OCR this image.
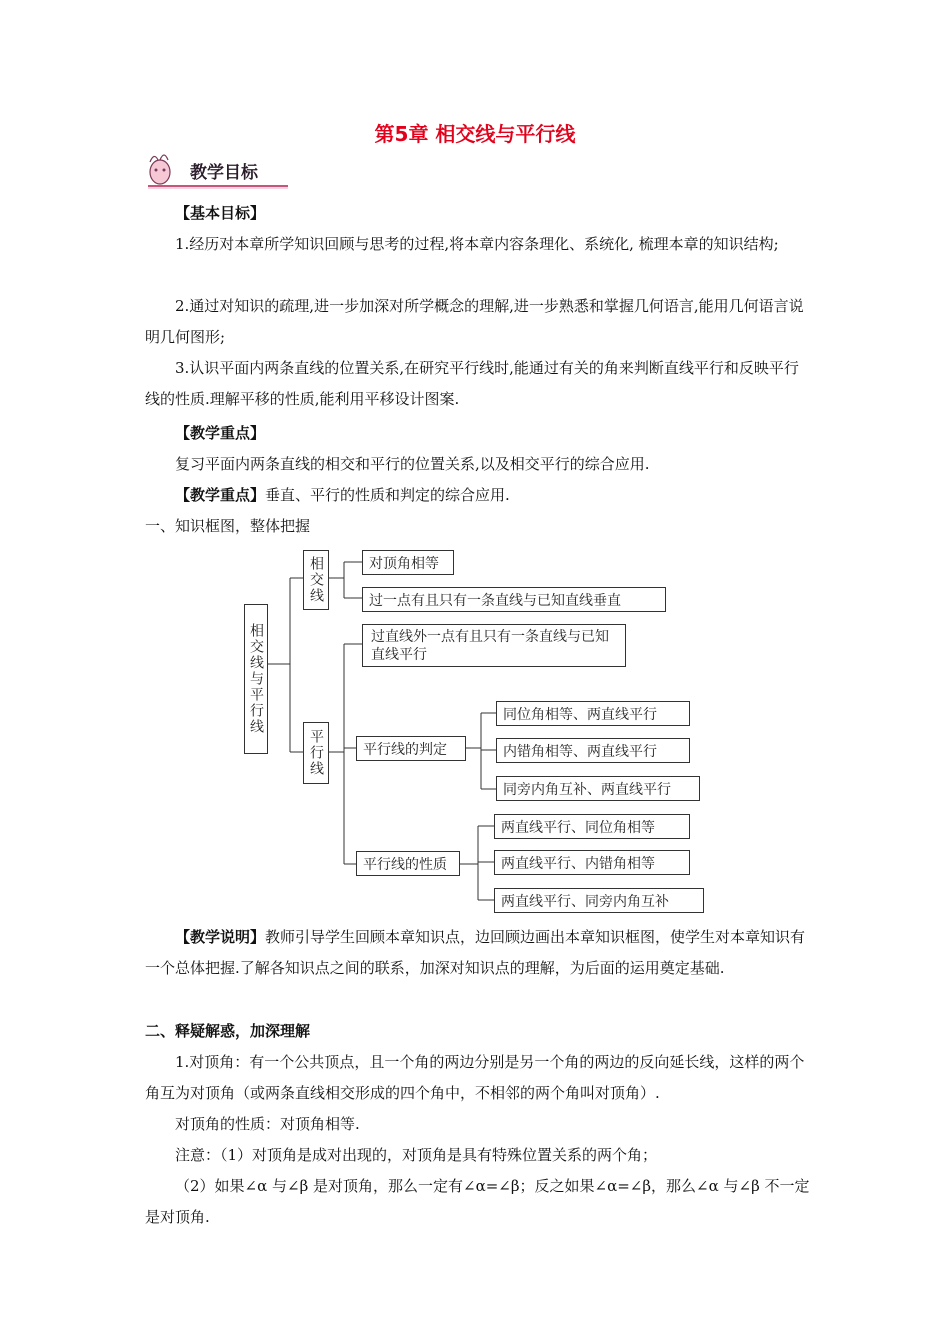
第5章 相交线与平行线
教学目标
【基本目标】
1.经历对本章所学知识回顾与思考的过程,将本章内容条理化、系统化, 梳理本章的知识结构;
2.通过对知识的疏理,进一步加深对所学概念的理解,进一步熟悉和掌握几何语言,能用几何语言说明几何图形;
3.认识平面内两条直线的位置关系,在研究平行线时,能通过有关的角来判断直线平行和反映平行线的性质.理解平移的性质,能利用平移设计图案.
【教学重点】
复习平面内两条直线的相交和平行的位置关系,以及相交平行的综合应用.
【教学重点】垂直、平行的性质和判定的综合应用.
一、知识框图，整体把握
相交线与平行线
相交线	对顶角相等
过一点有且只有一条直线与已知直线垂直
平行线
过直线外一点有且只有一条直线与已知直线平行
平行线的判定
同位角相等、两直线平行
内错角相等、两直线平行
同旁内角互补、两直线平行
平行线的性质
两直线平行、同位角相等
两直线平行、内错角相等
两直线平行、同旁内角互补
【教学说明】教师引导学生回顾本章知识点，边回顾边画出本章知识框图，使学生对本章知识有一个总体把握.了解各知识点之间的联系，加深对知识点的理解，为后面的运用奠定基础.
二、释疑解惑，加深理解
1.对顶角：有一个公共顶点，且一个角的两边分别是另一个角的两边的反向延长线，这样的两个角互为对顶角（或两条直线相交形成的四个角中，不相邻的两个角叫对顶角）.
对顶角的性质：对顶角相等.
注意：（1）对顶角是成对出现的，对顶角是具有特殊位置关系的两个角；
（2）如果∠α 与∠β 是对顶角，那么一定有∠α=∠β；反之如果∠α=∠β，那么∠α 与∠β 不一定是对顶角.
